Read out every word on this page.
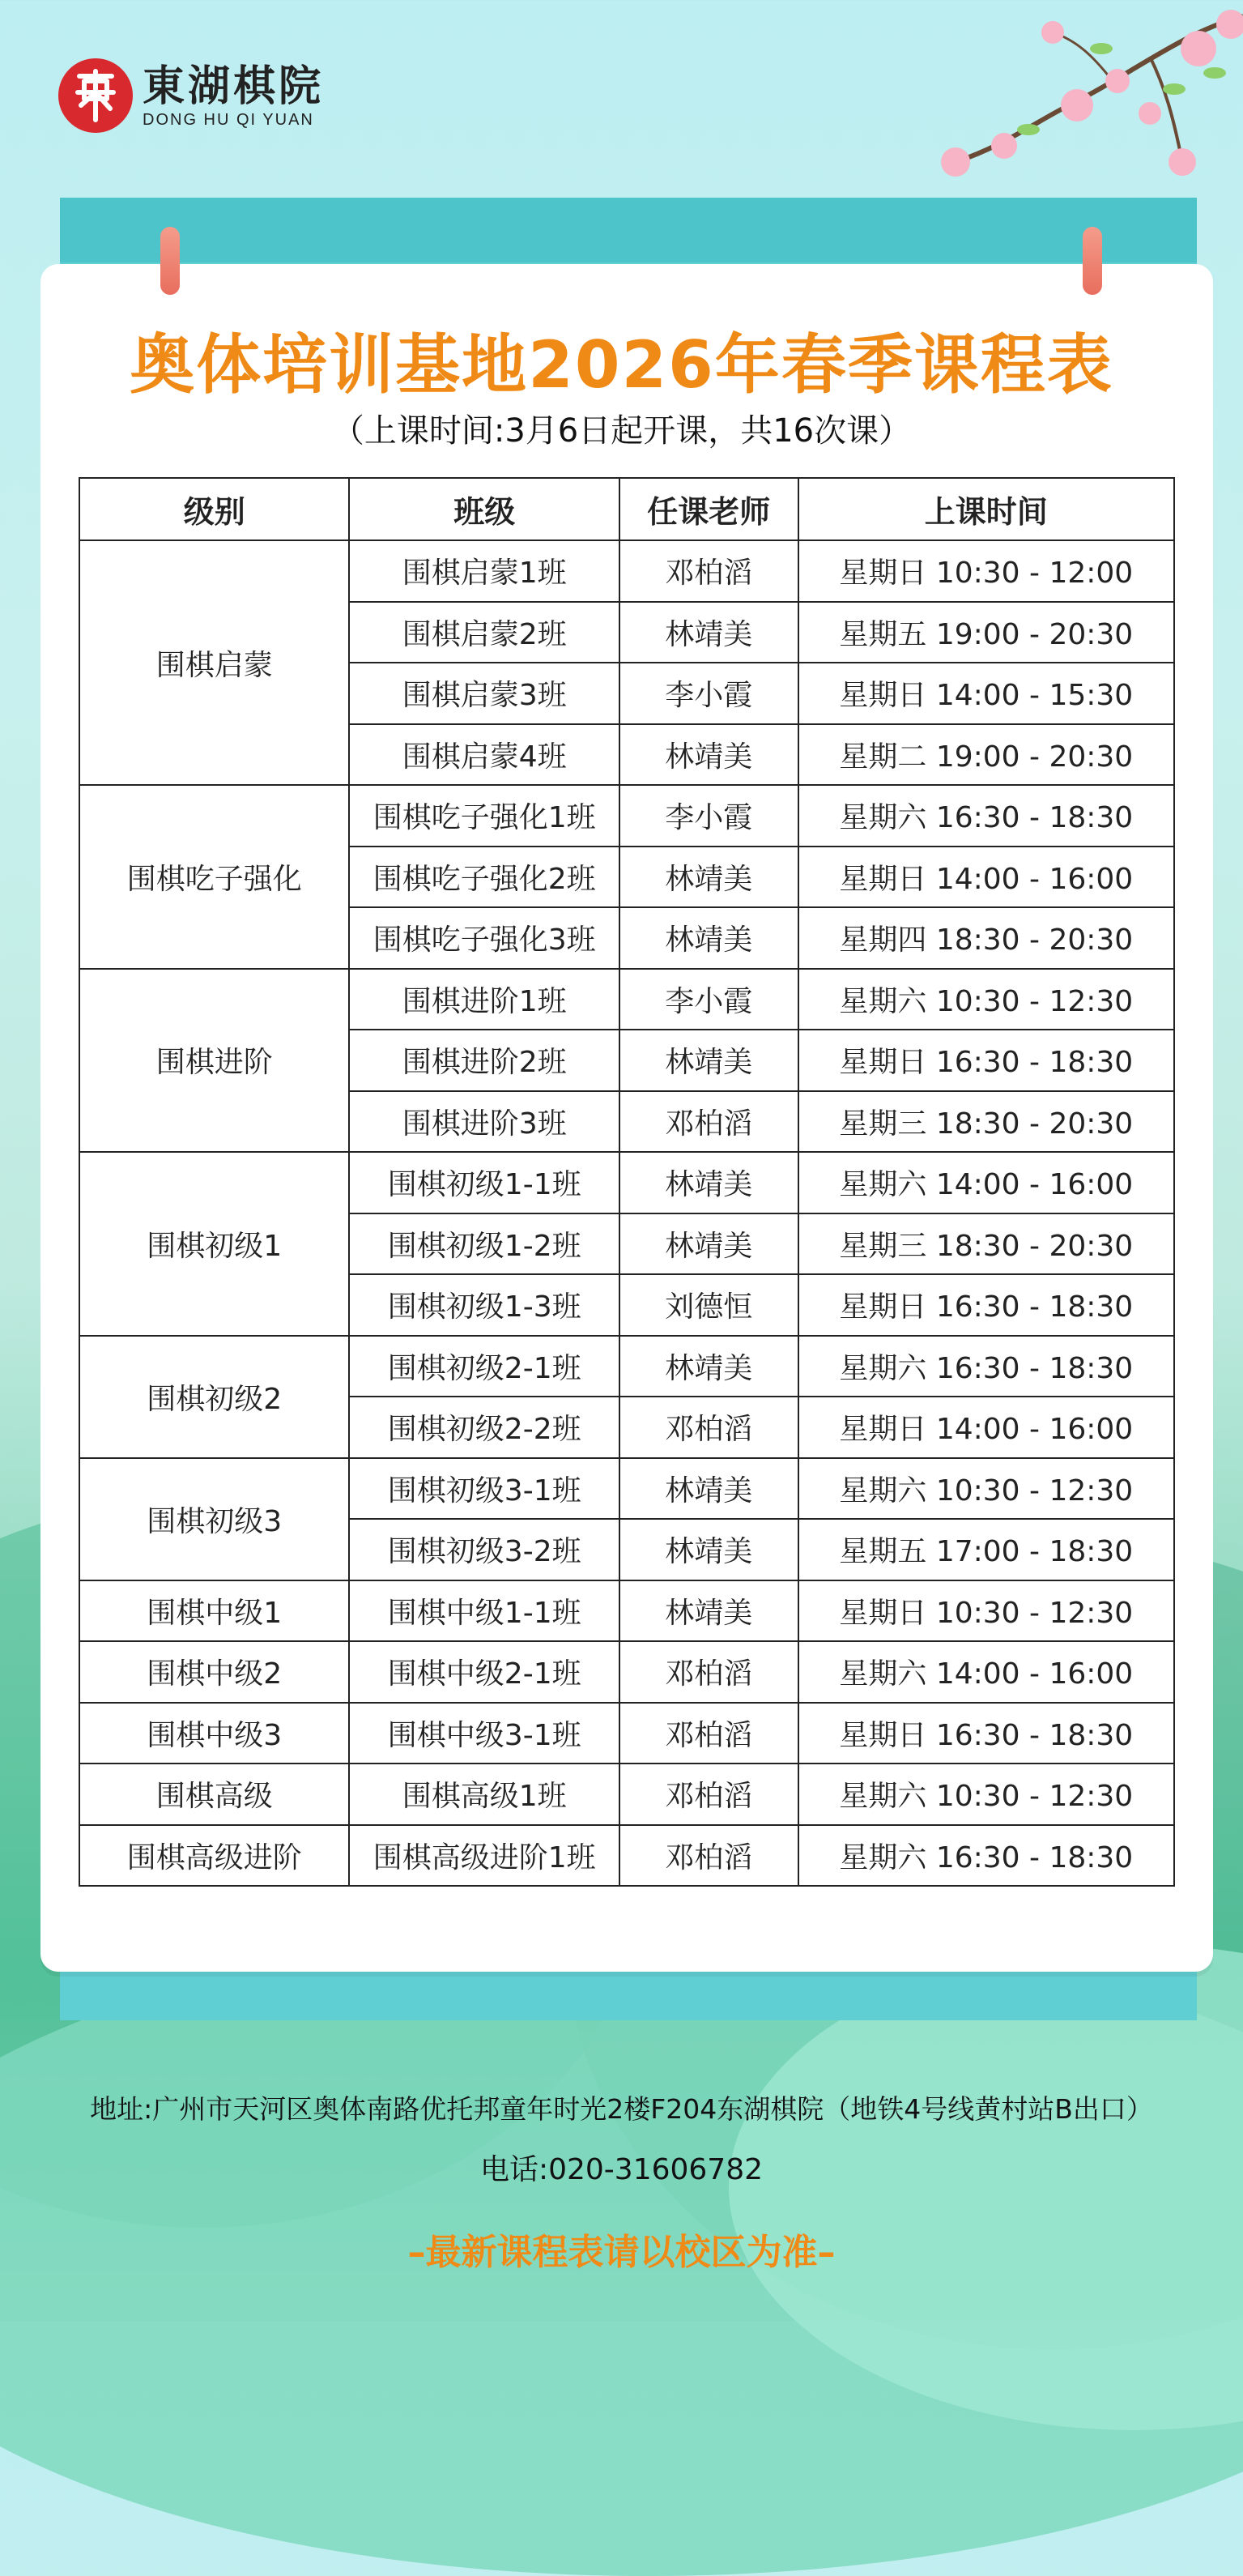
東湖棋院
DONG HU QI YUAN
奥体培训基地2026年春季课程表
（上课时间:3月6日起开课，共16次课）
级别	班级	任课老师	上课时间
围棋启蒙	围棋启蒙1班	邓柏滔	星期日 10:30 - 12:00
	围棋启蒙2班	林靖美	星期五 19:00 - 20:30
	围棋启蒙3班	李小霞	星期日 14:00 - 15:30
	围棋启蒙4班	林靖美	星期二 19:00 - 20:30
围棋吃子强化	围棋吃子强化1班	李小霞	星期六 16:30 - 18:30
	围棋吃子强化2班	林靖美	星期日 14:00 - 16:00
	围棋吃子强化3班	林靖美	星期四 18:30 - 20:30
围棋进阶	围棋进阶1班	李小霞	星期六 10:30 - 12:30
	围棋进阶2班	林靖美	星期日 16:30 - 18:30
	围棋进阶3班	邓柏滔	星期三 18:30 - 20:30
围棋初级1	围棋初级1-1班	林靖美	星期六 14:00 - 16:00
	围棋初级1-2班	林靖美	星期三 18:30 - 20:30
	围棋初级1-3班	刘德恒	星期日 16:30 - 18:30
围棋初级2	围棋初级2-1班	林靖美	星期六 16:30 - 18:30
	围棋初级2-2班	邓柏滔	星期日 14:00 - 16:00
围棋初级3	围棋初级3-1班	林靖美	星期六 10:30 - 12:30
	围棋初级3-2班	林靖美	星期五 17:00 - 18:30
围棋中级1	围棋中级1-1班	林靖美	星期日 10:30 - 12:30
围棋中级2	围棋中级2-1班	邓柏滔	星期六 14:00 - 16:00
围棋中级3	围棋中级3-1班	邓柏滔	星期日 16:30 - 18:30
围棋高级	围棋高级1班	邓柏滔	星期六 10:30 - 12:30
围棋高级进阶	围棋高级进阶1班	邓柏滔	星期六 16:30 - 18:30
地址:广州市天河区奥体南路优托邦童年时光2楼F204东湖棋院（地铁4号线黄村站B出口）
电话:020-31606782
–最新课程表请以校区为准–
